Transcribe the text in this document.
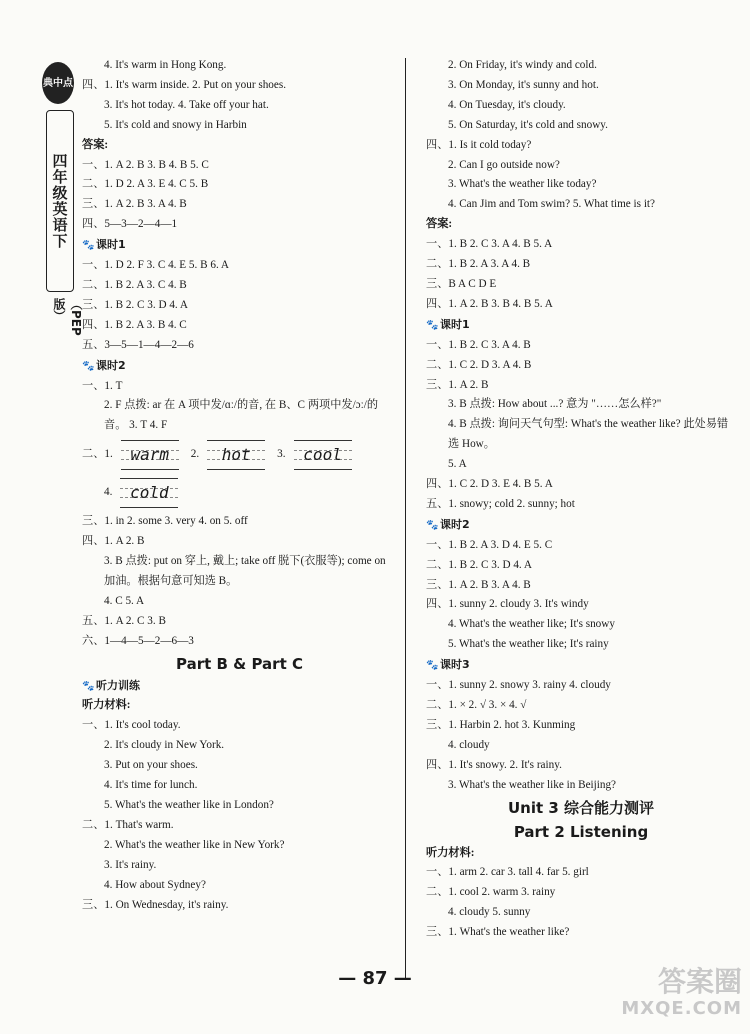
典中点
四年级英语下
（PEP版）
4. It's warm in Hong Kong.
四、1. It's warm inside. 2. Put on your shoes.
3. It's hot today. 4. Take off your hat.
5. It's cold and snowy in Harbin
答案:
一、1. A 2. B 3. B 4. B 5. C
二、1. D 2. A 3. E 4. C 5. B
三、1. A 2. B 3. A 4. B
四、5—3—2—4—1
🐾 课时1
一、1. D 2. F 3. C 4. E 5. B 6. A
二、1. B 2. A 3. C 4. B
三、1. B 2. C 3. D 4. A
四、1. B 2. A 3. B 4. C
五、3—5—1—4—2—6
🐾 课时2
一、1. T
2. F 点拨: ar 在 A 项中发/ɑː/的音, 在 B、C 两项中发/ɔː/的音。 3. T 4. F
二、1. warm 2. hot 3. cool
4. cold
三、1. in 2. some 3. very 4. on 5. off
四、1. A 2. B
3. B 点拨: put on 穿上, 戴上; take off 脱下(衣服等); come on 加油。根据句意可知选 B。
4. C 5. A
五、1. A 2. C 3. B
六、1—4—5—2—6—3
Part B & Part C
🐾 听力训练
听力材料:
一、1. It's cool today.
2. It's cloudy in New York.
3. Put on your shoes.
4. It's time for lunch.
5. What's the weather like in London?
二、1. That's warm.
2. What's the weather like in New York?
3. It's rainy.
4. How about Sydney?
三、1. On Wednesday, it's rainy.
2. On Friday, it's windy and cold.
3. On Monday, it's sunny and hot.
4. On Tuesday, it's cloudy.
5. On Saturday, it's cold and snowy.
四、1. Is it cold today?
2. Can I go outside now?
3. What's the weather like today?
4. Can Jim and Tom swim? 5. What time is it?
答案:
一、1. B 2. C 3. A 4. B 5. A
二、1. B 2. A 3. A 4. B
三、B A C D E
四、1. A 2. B 3. B 4. B 5. A
🐾 课时1
一、1. B 2. C 3. A 4. B
二、1. C 2. D 3. A 4. B
三、1. A 2. B
3. B 点拨: How about ...? 意为 "……怎么样?"
4. B 点拨: 询问天气句型: What's the weather like? 此处易错选 How。
5. A
四、1. C 2. D 3. E 4. B 5. A
五、1. snowy; cold 2. sunny; hot
🐾 课时2
一、1. B 2. A 3. D 4. E 5. C
二、1. B 2. C 3. D 4. A
三、1. A 2. B 3. A 4. B
四、1. sunny 2. cloudy 3. It's windy
4. What's the weather like; It's snowy
5. What's the weather like; It's rainy
🐾 课时3
一、1. sunny 2. snowy 3. rainy 4. cloudy
二、1. × 2. √ 3. × 4. √
三、1. Harbin 2. hot 3. Kunming
4. cloudy
四、1. It's snowy. 2. It's rainy.
3. What's the weather like in Beijing?
Unit 3 综合能力测评
Part 2 Listening
听力材料:
一、1. arm 2. car 3. tall 4. far 5. girl
二、1. cool 2. warm 3. rainy
4. cloudy 5. sunny
三、1. What's the weather like?
— 87 —	答案圈
MXQE.COM
